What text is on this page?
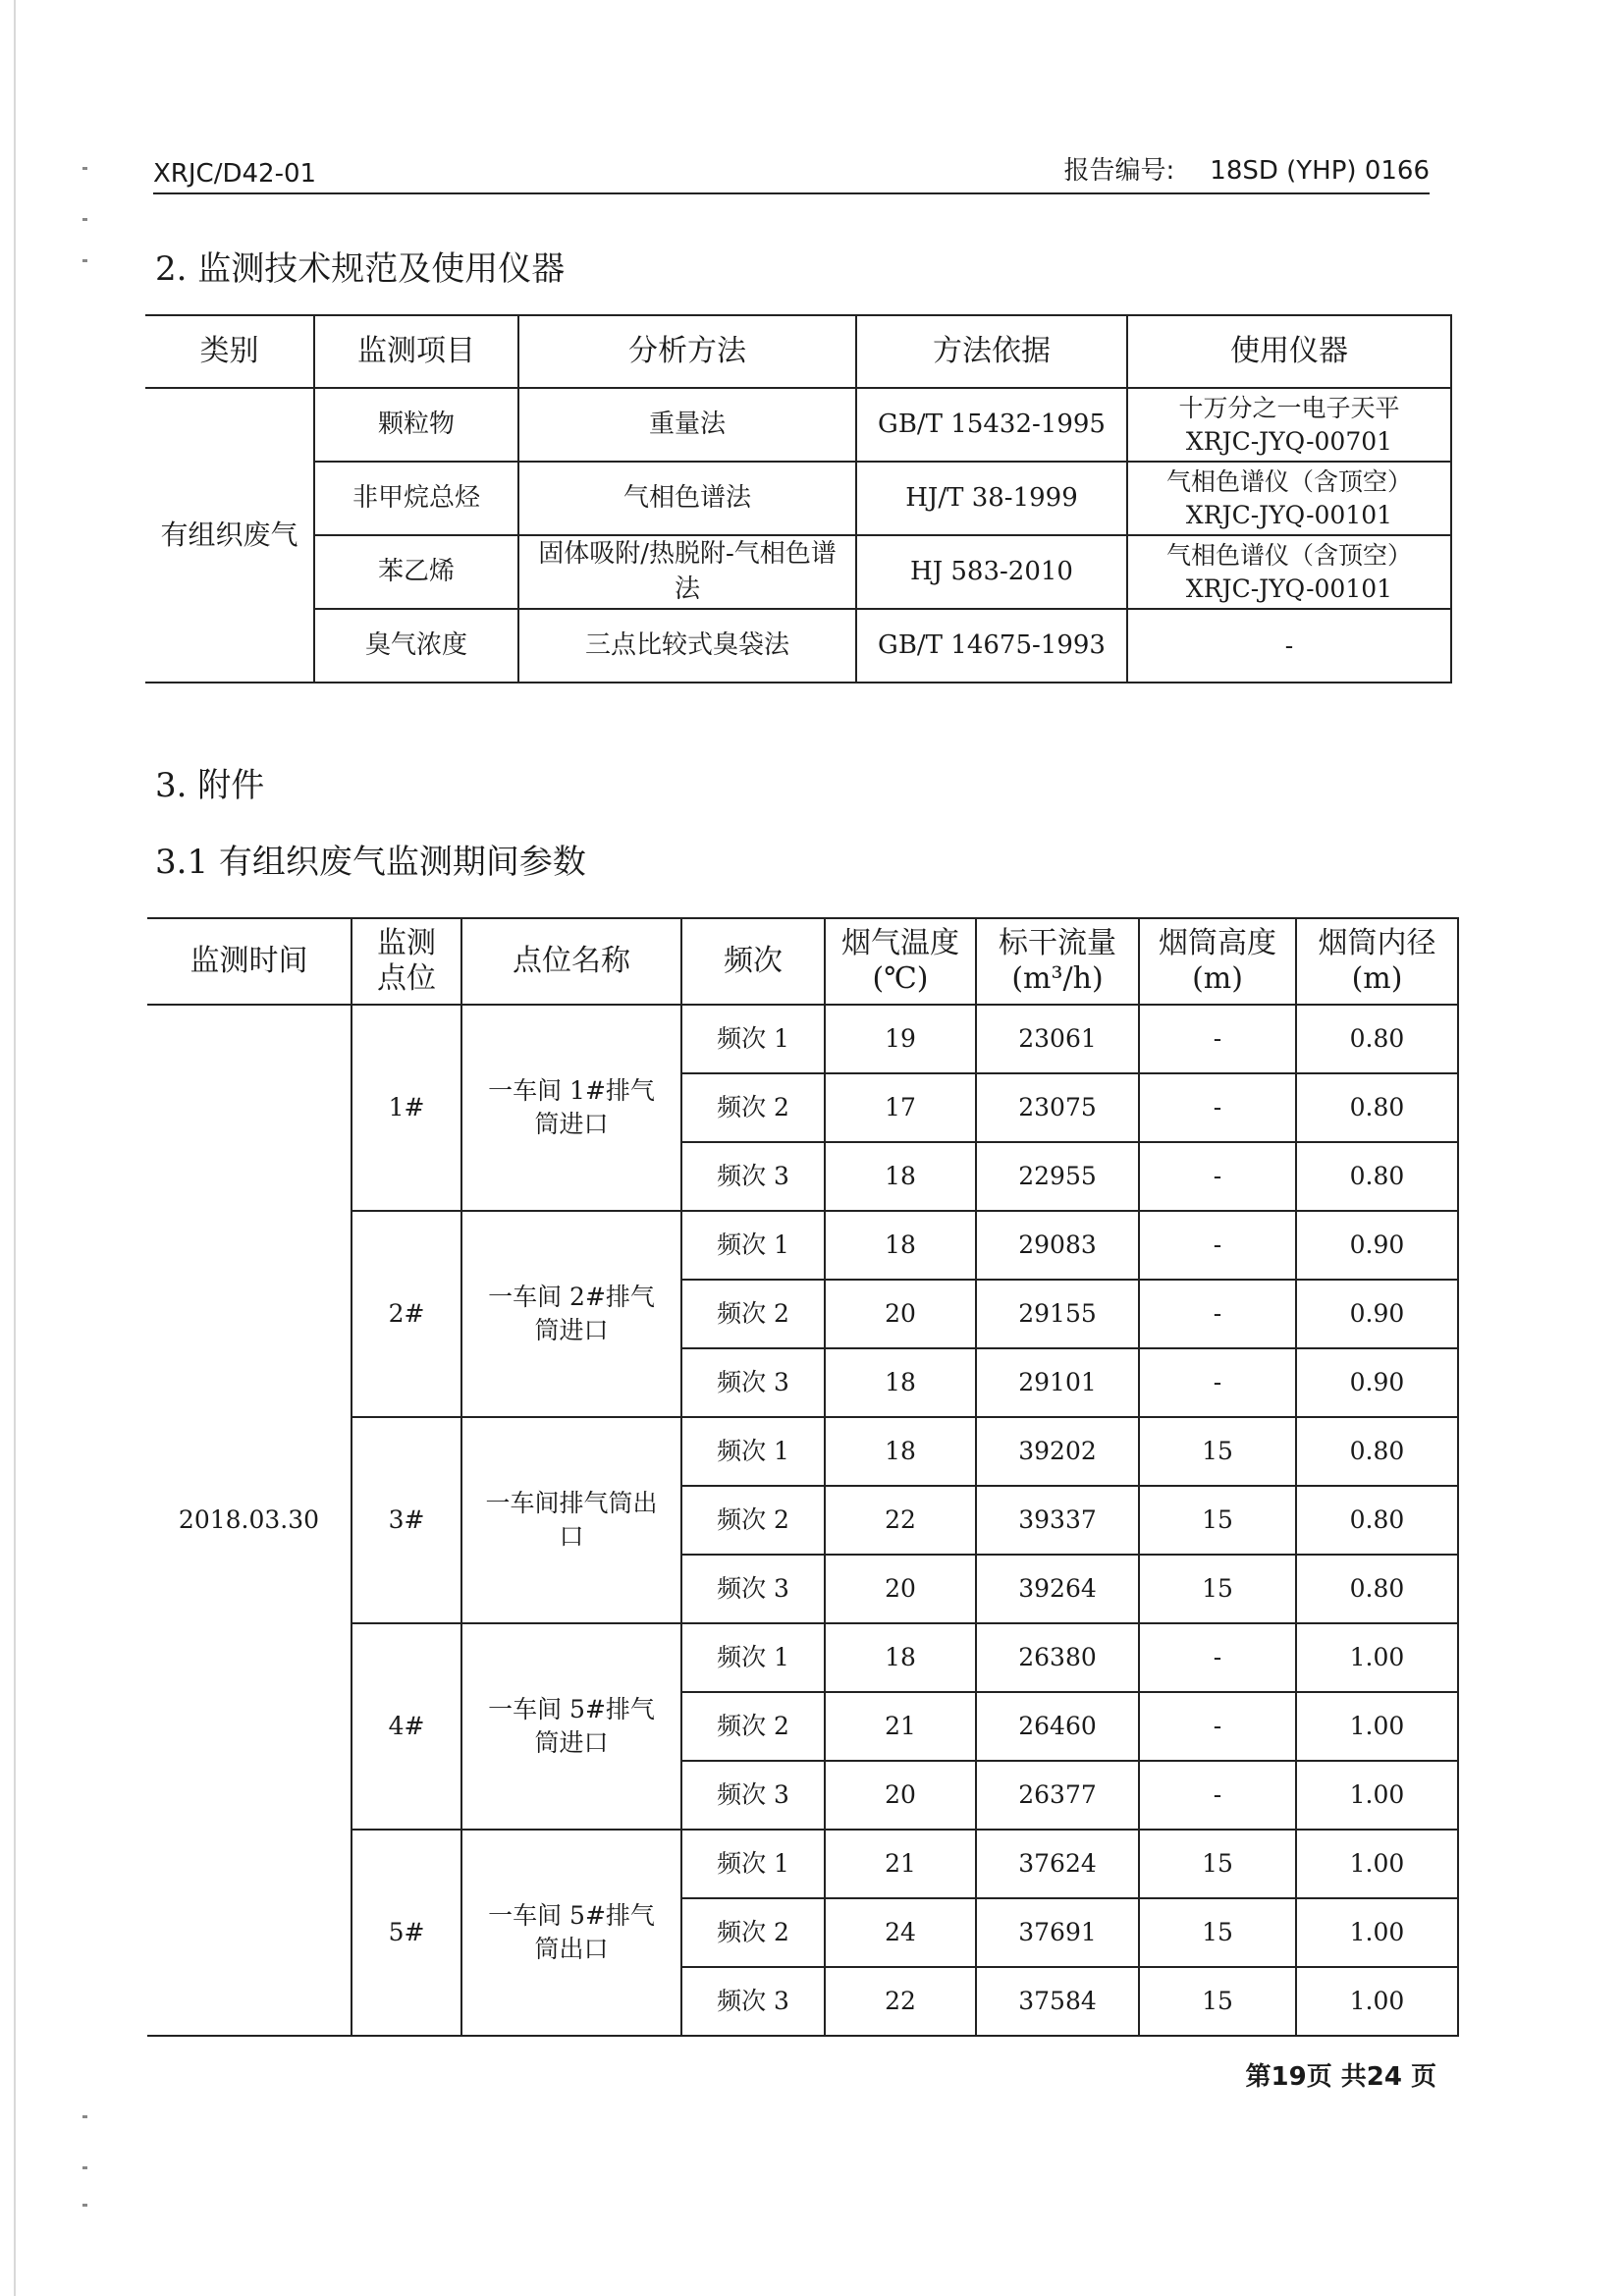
XRJC/D42-01	报告编号: 18SD (YHP) 0166
2. 监测技术规范及使用仪器
类别	监测项目	分析方法	方法依据	使用仪器
有组织废气	颗粒物	重量法	GB/T 15432-1995	十万分之一电子天平
XRJC-JYQ-00701

	非甲烷总烃	气相色谱法	HJ/T 38-1999	气相色谱仪（含顶空）
XRJC-JYQ-00101

	苯乙烯	固体吸附/热脱附-气相色谱法	HJ 583-2010	气相色谱仪（含顶空）
XRJC-JYQ-00101

	臭气浓度	三点比较式臭袋法	GB/T 14675-1993	-
3. 附件
3.1 有组织废气监测期间参数
监测时间	监测点位	点位名称	频次	烟气温度(℃)	标干流量(m³/h)	烟筒高度(m)	烟筒内径(m)
2018.03.30	1#	一车间 1#排气筒进口	频次 1	19	23061	-	0.80
			频次 2	17	23075	-	0.80
			频次 3	18	22955	-	0.80
	2#	一车间 2#排气筒进口	频次 1	18	29083	-	0.90
			频次 2	20	29155	-	0.90
			频次 3	18	29101	-	0.90
	3#	一车间排气筒出口	频次 1	18	39202	15	0.80
			频次 2	22	39337	15	0.80
			频次 3	20	39264	15	0.80
	4#	一车间 5#排气筒进口	频次 1	18	26380	-	1.00
			频次 2	21	26460	-	1.00
			频次 3	20	26377	-	1.00
	5#	一车间 5#排气筒出口	频次 1	21	37624	15	1.00
			频次 2	24	37691	15	1.00
			频次 3	22	37584	15	1.00
第19页 共24 页
